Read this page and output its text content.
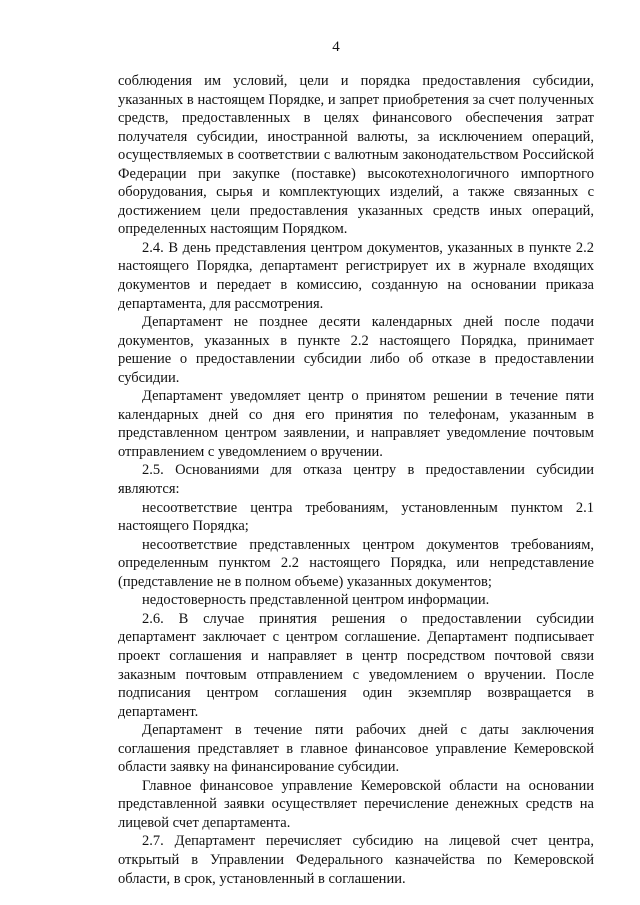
4

соблюдения им условий, цели и порядка предоставления субсидии, указанных в настоящем Порядке, и запрет приобретения за счет полученных средств, предоставленных в целях финансового обеспечения затрат получателя субсидии, иностранной валюты, за исключением операций, осуществляемых в соответствии с валютным законодательством Российской Федерации при закупке (поставке) высокотехнологичного импортного оборудования, сырья и комплектующих изделий, а также связанных с достижением цели предоставления указанных средств иных операций, определенных настоящим Порядком.

2.4. В день представления центром документов, указанных в пункте 2.2 настоящего Порядка, департамент регистрирует их в журнале входящих документов и передает в комиссию, созданную на основании приказа департамента, для рассмотрения.

Департамент не позднее десяти календарных дней после подачи документов, указанных в пункте 2.2 настоящего Порядка, принимает решение о предоставлении субсидии либо об отказе в предоставлении субсидии.

Департамент уведомляет центр о принятом решении в течение пяти календарных дней со дня его принятия по телефонам, указанным в представленном центром заявлении, и направляет уведомление почтовым отправлением с уведомлением о вручении.

2.5. Основаниями для отказа центру в предоставлении субсидии являются:

несоответствие центра требованиям, установленным пунктом 2.1 настоящего Порядка;

несоответствие представленных центром документов требованиям, определенным пунктом 2.2 настоящего Порядка, или непредставление (представление не в полном объеме) указанных документов;

недостоверность представленной центром информации.

2.6. В случае принятия решения о предоставлении субсидии департамент заключает с центром соглашение. Департамент подписывает проект соглашения и направляет в центр посредством почтовой связи заказным почтовым отправлением с уведомлением о вручении. После подписания центром соглашения один экземпляр возвращается в департамент.

Департамент в течение пяти рабочих дней с даты заключения соглашения представляет в главное финансовое управление Кемеровской области заявку на финансирование субсидии.

Главное финансовое управление Кемеровской области на основании представленной заявки осуществляет перечисление денежных средств на лицевой счет департамента.

2.7. Департамент перечисляет субсидию на лицевой счет центра, открытый в Управлении Федерального казначейства по Кемеровской области, в срок, установленный в соглашении.
